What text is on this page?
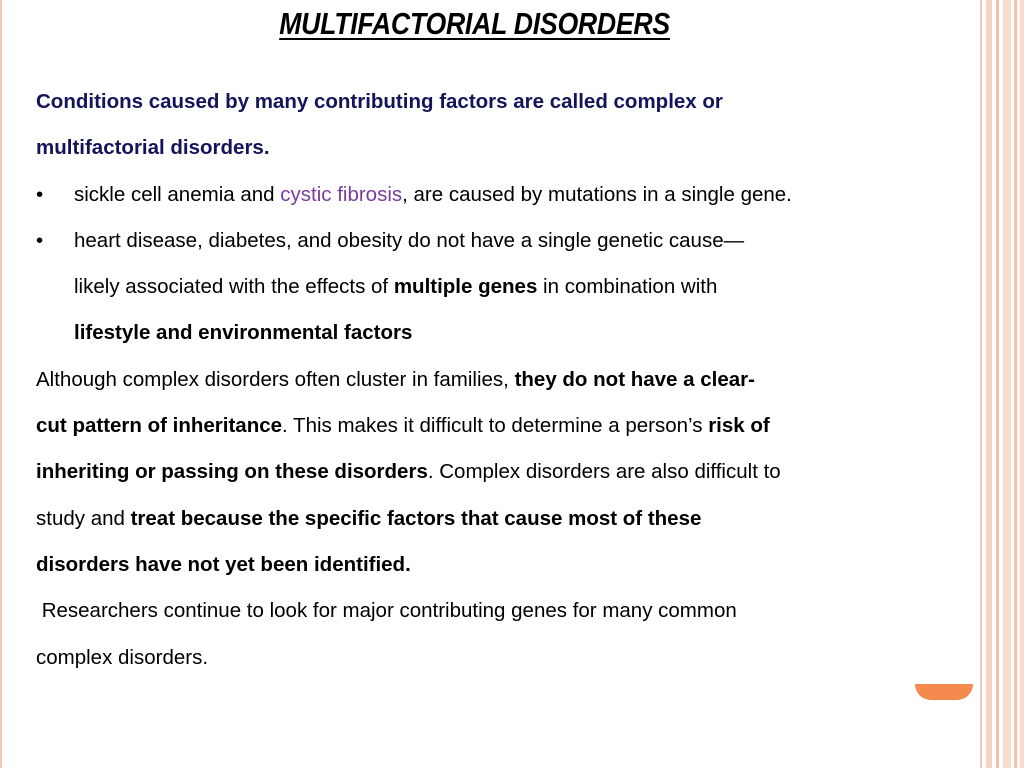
MULTIFACTORIAL DISORDERS
Conditions caused by many contributing factors are called complex or
multifactorial disorders.
• sickle cell anemia and cystic fibrosis, are caused by mutations in a single gene.
• heart disease, diabetes, and obesity do not have a single genetic cause—
likely associated with the effects of multiple genes in combination with
lifestyle and environmental factors
Although complex disorders often cluster in families, they do not have a clear-
cut pattern of inheritance. This makes it difficult to determine a person’s risk of
inheriting or passing on these disorders. Complex disorders are also difficult to
study and treat because the specific factors that cause most of these
disorders have not yet been identified.
Researchers continue to look for major contributing genes for many common
complex disorders.
